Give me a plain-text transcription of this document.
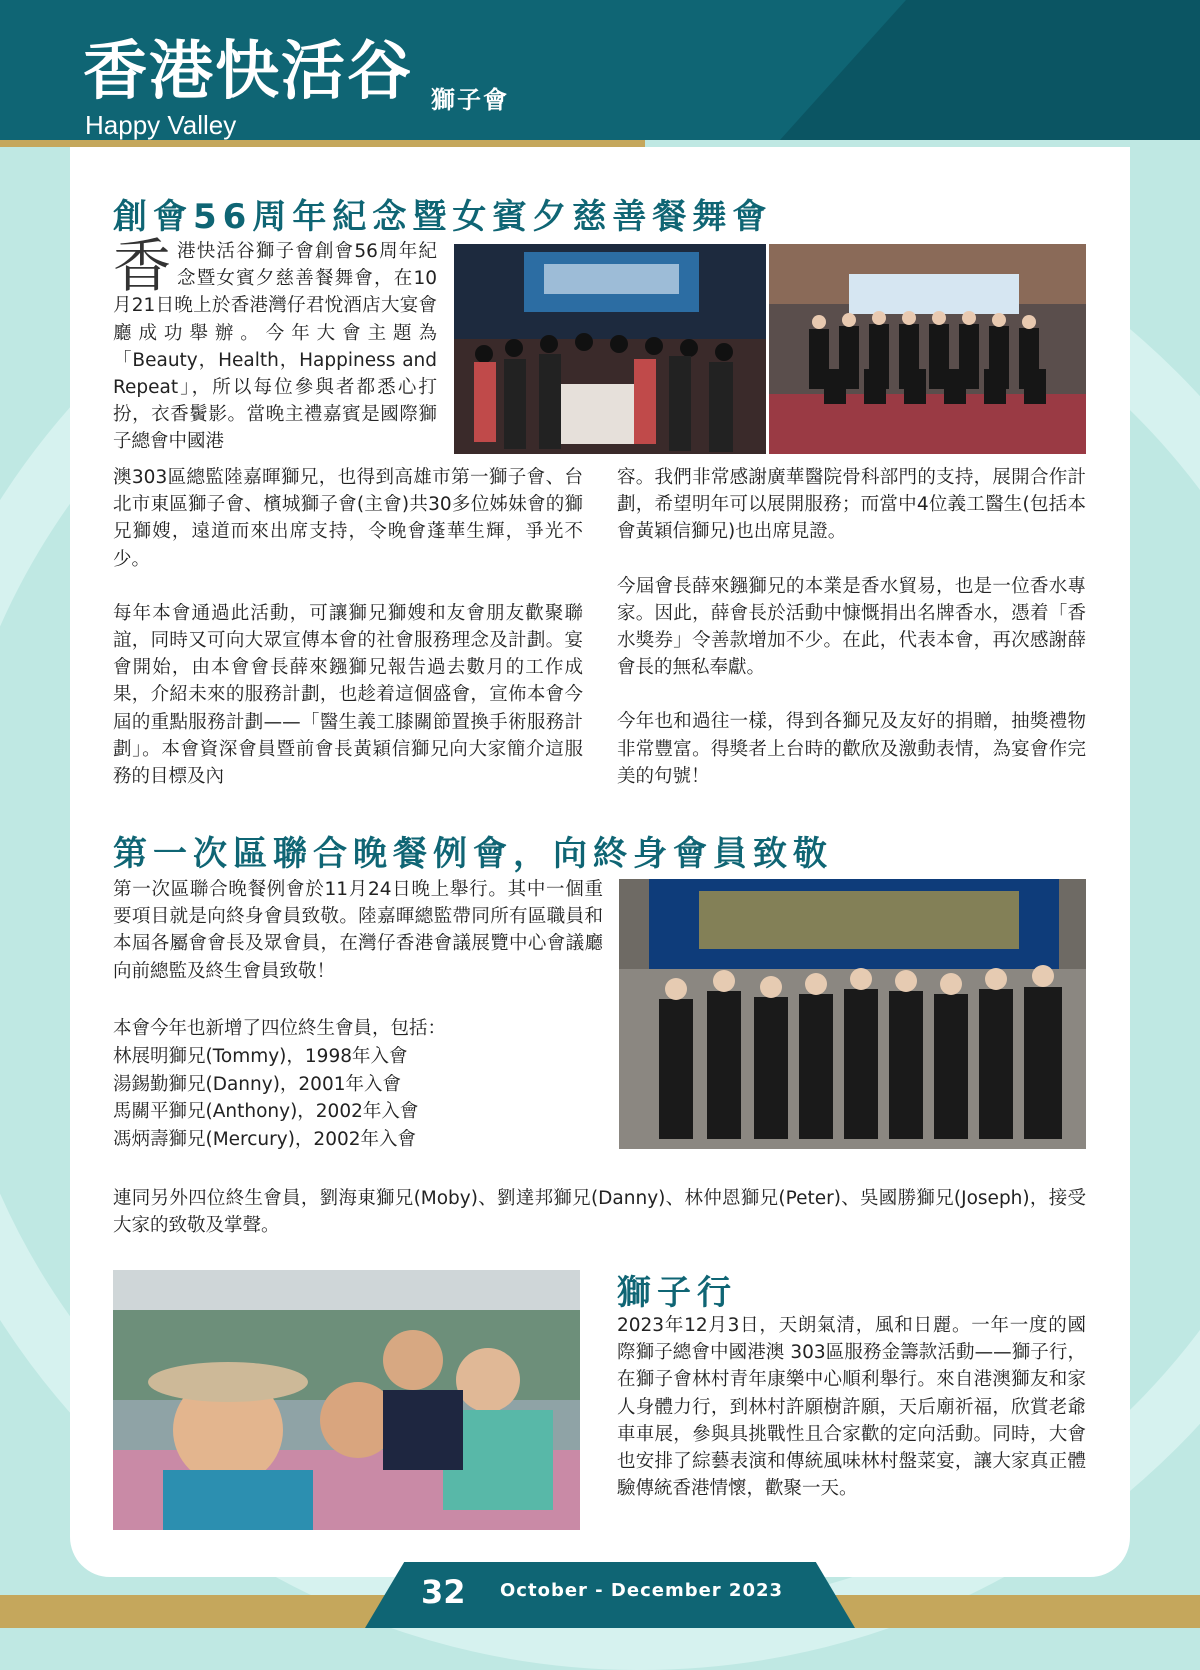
香港快活谷 獅子會
Happy Valley
創會56周年紀念暨女賓夕慈善餐舞會
香港快活谷獅子會創會56周年紀念暨女賓夕慈善餐舞會，在10月21日晚上於香港灣仔君悅酒店大宴會廳成功舉辦。今年大會主題為「Beauty，Health，Happiness and Repeat」，所以每位參與者都悉心打扮，衣香鬢影。當晚主禮嘉賓是國際獅子總會中國港

澳303區總監陸嘉暉獅兄，也得到高雄市第一獅子會、台北市東區獅子會、檳城獅子會(主會)共30多位姊妹會的獅兄獅嫂，遠道而來出席支持，令晚會蓬華生輝，爭光不少。

每年本會通過此活動，可讓獅兄獅嫂和友會朋友歡聚聯誼，同時又可向大眾宣傳本會的社會服務理念及計劃。宴會開始，由本會會長薛來鏹獅兄報告過去數月的工作成果，介紹未來的服務計劃，也趁着這個盛會，宣佈本會今屆的重點服務計劃——「醫生義工膝關節置換手術服務計劃」。本會資深會員暨前會長黃穎信獅兄向大家簡介這服務的目標及內

容。我們非常感謝廣華醫院骨科部門的支持，展開合作計劃，希望明年可以展開服務；而當中4位義工醫生(包括本會黃穎信獅兄)也出席見證。

今屆會長薛來鏹獅兄的本業是香水貿易，也是一位香水專家。因此，薛會長於活動中慷慨捐出名牌香水，憑着「香水獎券」令善款增加不少。在此，代表本會，再次感謝薛會長的無私奉獻。

今年也和過往一樣，得到各獅兄及友好的捐贈，抽獎禮物非常豐富。得獎者上台時的歡欣及激動表情，為宴會作完美的句號！

第一次區聯合晚餐例會，向終身會員致敬
第一次區聯合晚餐例會於11月24日晚上舉行。其中一個重要項目就是向終身會員致敬。陸嘉暉總監帶同所有區職員和本屆各屬會會長及眾會員，在灣仔香港會議展覽中心會議廳向前總監及終生會員致敬！
本會今年也新增了四位終生會員，包括：
林展明獅兄(Tommy)，1998年入會
湯錫勤獅兄(Danny)，2001年入會
馬關平獅兄(Anthony)，2002年入會
馮炳壽獅兄(Mercury)，2002年入會
連同另外四位終生會員，劉海東獅兄(Moby)、劉達邦獅兄(Danny)、林仲恩獅兄(Peter)、吳國勝獅兄(Joseph)，接受大家的致敬及掌聲。
獅子行
2023年12月3日，天朗氣清，風和日麗。一年一度的國際獅子總會中國港澳 303區服務金籌款活動——獅子行，在獅子會林村青年康樂中心順利舉行。來自港澳獅友和家人身體力行，到林村許願樹許願，天后廟祈福，欣賞老爺車車展，參與具挑戰性且合家歡的定向活動。同時，大會也安排了綜藝表演和傳統風味林村盤菜宴，讓大家真正體驗傳統香港情懷，歡聚一天。
32 October - December 2023
